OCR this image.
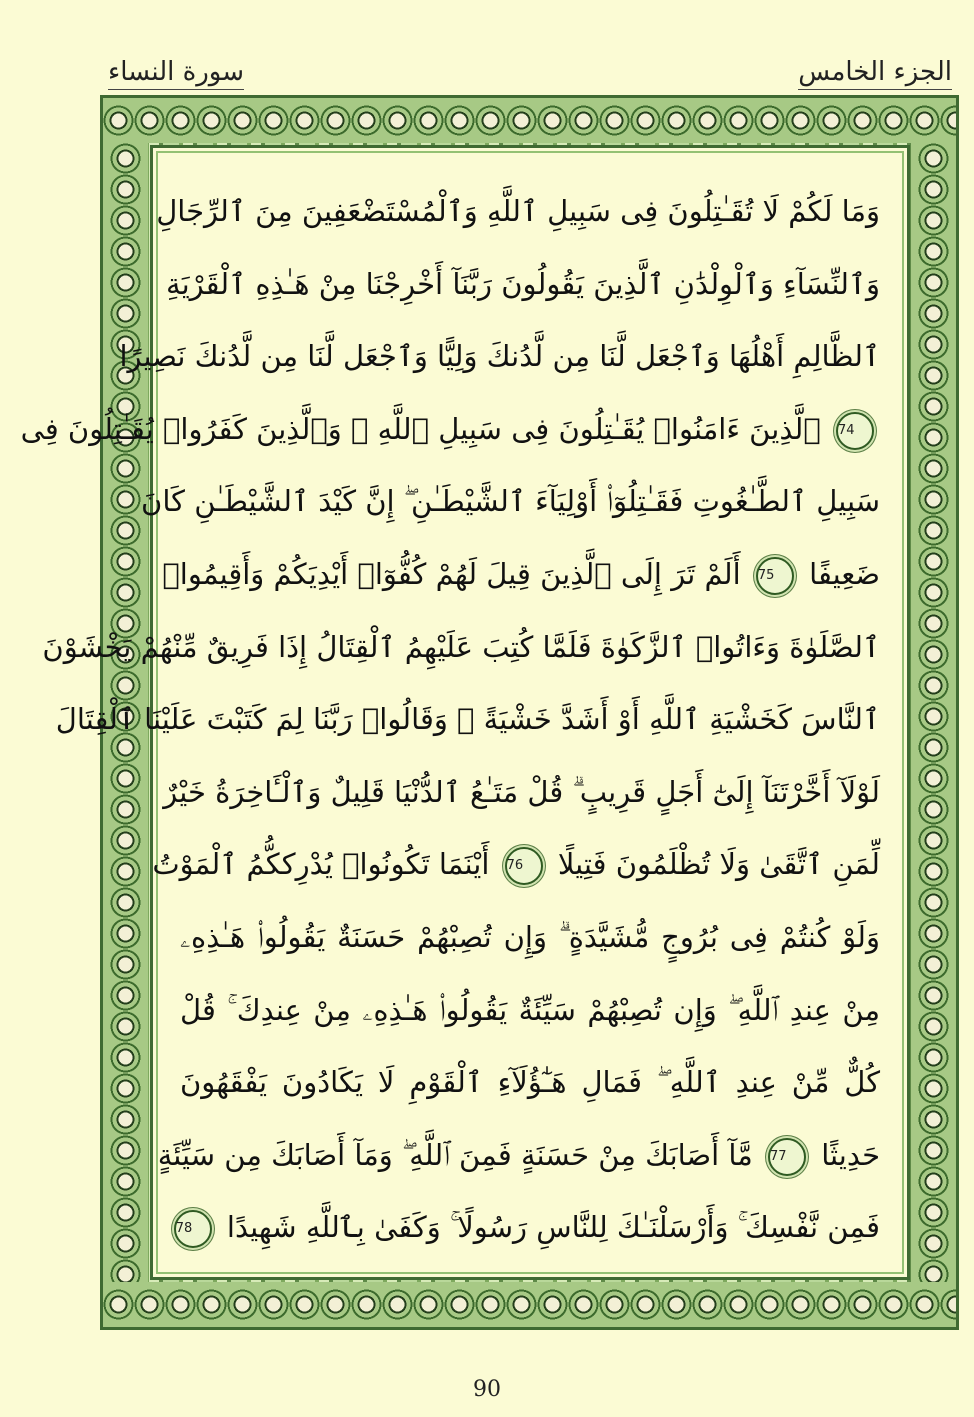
سورة النساء	الجزء الخامس
وَمَا لَكُمْ لَا تُقَـٰتِلُونَ فِى سَبِيلِ ٱللَّهِ وَٱلْمُسْتَضْعَفِينَ مِنَ ٱلرِّجَالِ
وَٱلنِّسَآءِ وَٱلْوِلْدَٰنِ ٱلَّذِينَ يَقُولُونَ رَبَّنَآ أَخْرِجْنَا مِنْ هَـٰذِهِ ٱلْقَرْيَةِ
ٱلظَّالِمِ أَهْلُهَا وَٱجْعَل لَّنَا مِن لَّدُنكَ وَلِيًّا وَٱجْعَل لَّنَا مِن لَّدُنكَ نَصِيرًا
74 ٱلَّذِينَ ءَامَنُوا۟ يُقَـٰتِلُونَ فِى سَبِيلِ ٱللَّهِ ۖ وَٱلَّذِينَ كَفَرُوا۟ يُقَـٰتِلُونَ فِى
سَبِيلِ ٱلطَّـٰغُوتِ فَقَـٰتِلُوٓا۟ أَوْلِيَآءَ ٱلشَّيْطَـٰنِ ۖ إِنَّ كَيْدَ ٱلشَّيْطَـٰنِ كَانَ
ضَعِيفًا 75 أَلَمْ تَرَ إِلَى ٱلَّذِينَ قِيلَ لَهُمْ كُفُّوٓا۟ أَيْدِيَكُمْ وَأَقِيمُوا۟
ٱلصَّلَوٰةَ وَءَاتُوا۟ ٱلزَّكَوٰةَ فَلَمَّا كُتِبَ عَلَيْهِمُ ٱلْقِتَالُ إِذَا فَرِيقٌ مِّنْهُمْ يَخْشَوْنَ
ٱلنَّاسَ كَخَشْيَةِ ٱللَّهِ أَوْ أَشَدَّ خَشْيَةً ۚ وَقَالُوا۟ رَبَّنَا لِمَ كَتَبْتَ عَلَيْنَا ٱلْقِتَالَ
لَوْلَآ أَخَّرْتَنَآ إِلَىٰٓ أَجَلٍ قَرِيبٍ ۗ قُلْ مَتَـٰعُ ٱلدُّنْيَا قَلِيلٌ وَٱلْـَٔاخِرَةُ خَيْرٌ
لِّمَنِ ٱتَّقَىٰ وَلَا تُظْلَمُونَ فَتِيلًا 76 أَيْنَمَا تَكُونُوا۟ يُدْرِككُّمُ ٱلْمَوْتُ
وَلَوْ كُنتُمْ فِى بُرُوجٍ مُّشَيَّدَةٍ ۗ وَإِن تُصِبْهُمْ حَسَنَةٌ يَقُولُوا۟ هَـٰذِهِۦ
مِنْ عِندِ ٱللَّهِ ۖ وَإِن تُصِبْهُمْ سَيِّئَةٌ يَقُولُوا۟ هَـٰذِهِۦ مِنْ عِندِكَ ۚ قُلْ
كُلٌّ مِّنْ عِندِ ٱللَّهِ ۖ فَمَالِ هَـٰٓؤُلَآءِ ٱلْقَوْمِ لَا يَكَادُونَ يَفْقَهُونَ
حَدِيثًا 77 مَّآ أَصَابَكَ مِنْ حَسَنَةٍ فَمِنَ ٱللَّهِ ۖ وَمَآ أَصَابَكَ مِن سَيِّئَةٍ
فَمِن نَّفْسِكَ ۚ وَأَرْسَلْنَـٰكَ لِلنَّاسِ رَسُولًا ۚ وَكَفَىٰ بِٱللَّهِ شَهِيدًا 78
90
